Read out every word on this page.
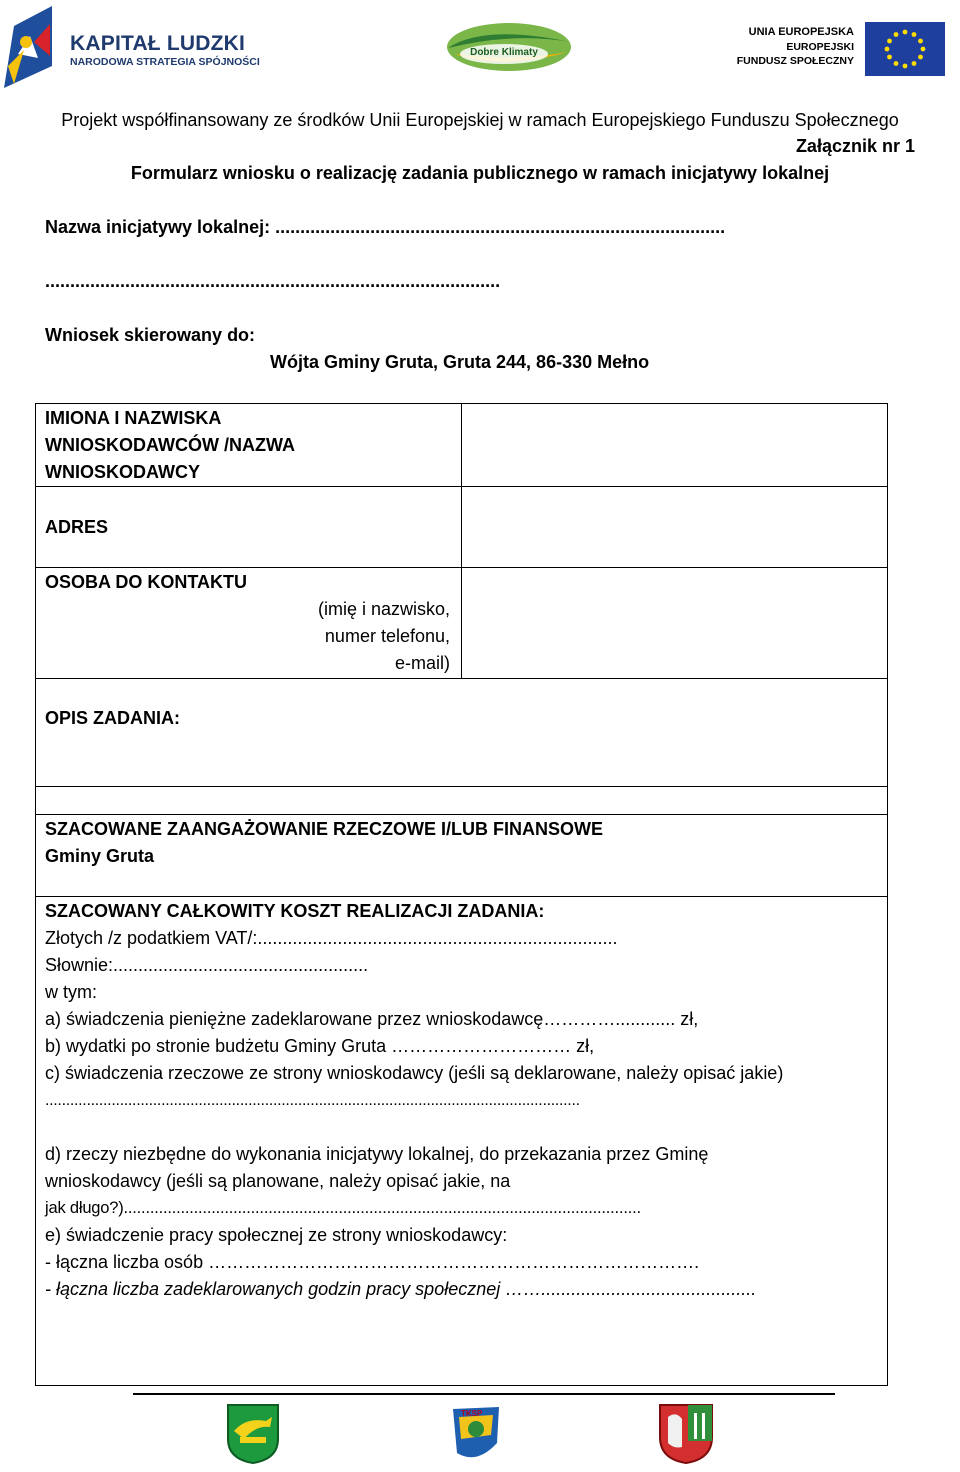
KAPITAŁ LUDZKI
NARODOWA STRATEGIA SPÓJNOŚCI
Dobre Klimaty
UNIA EUROPEJSKA
EUROPEJSKI
FUNDUSZ SPOŁECZNY
Projekt współfinansowany ze środków Unii Europejskiej w ramach Europejskiego Funduszu Społecznego
Załącznik nr 1
Formularz wniosku o realizację zadania publicznego w ramach inicjatywy lokalnej
Nazwa inicjatywy lokalnej: ..........................................................................................
...........................................................................................
Wniosek skierowany do:
Wójta Gminy Gruta, Gruta 244, 86-330 Mełno
IMIONA I NAZWISKA
WNIOSKODAWCÓW /NAZWA
WNIOSKODAWCY
ADRES
OSOBA DO KONTAKTU
(imię i nazwisko,
numer telefonu,
e-mail)
OPIS ZADANIA:
SZACOWANE ZAANGAŻOWANIE RZECZOWE I/LUB FINANSOWE
Gminy Gruta
SZACOWANY CAŁKOWITY KOSZT REALIZACJI ZADANIA:
Złotych /z podatkiem VAT/:........................................................................
Słownie:...................................................
w tym:
a) świadczenia pieniężne zadeklarowane przez wnioskodawcę…………............ zł,
b) wydatki po stronie budżetu Gminy Gruta ………………………… zł,
c) świadczenia rzeczowe ze strony wnioskodawcy (jeśli są deklarowane, należy opisać jakie)
.................................................................................................................................
d) rzeczy niezbędne do wykonania inicjatywy lokalnej, do przekazania przez Gminę
wnioskodawcy (jeśli są planowane, należy opisać jakie, na
jak długo?)......................................................................................................................
e) świadczenie pracy społecznej ze strony wnioskodawcy:
- łączna liczba osób ……………………………………………………………………….
- łączna liczba zadeklarowanych godzin pracy społecznej ……...........................................
TKSP
